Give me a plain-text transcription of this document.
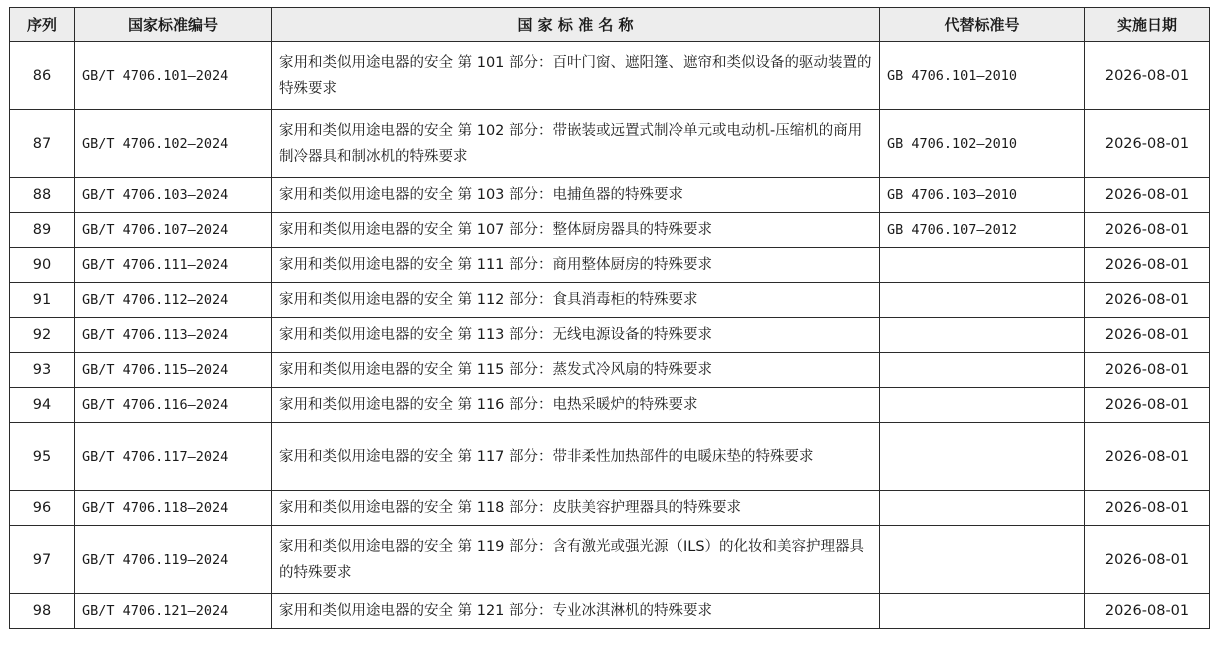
序列	国家标准编号	国 家 标 准 名 称	代替标准号	实施日期
86	GB/T 4706.101—2024	家用和类似用途电器的安全 第 101 部分：百叶门窗、遮阳篷、遮帘和类似设备的驱动装置的特殊要求	GB 4706.101—2010	2026-08-01
87	GB/T 4706.102—2024	家用和类似用途电器的安全 第 102 部分：带嵌装或远置式制冷单元或电动机-压缩机的商用制冷器具和制冰机的特殊要求	GB 4706.102—2010	2026-08-01
88	GB/T 4706.103—2024	家用和类似用途电器的安全 第 103 部分：电捕鱼器的特殊要求	GB 4706.103—2010	2026-08-01
89	GB/T 4706.107—2024	家用和类似用途电器的安全 第 107 部分：整体厨房器具的特殊要求	GB 4706.107—2012	2026-08-01
90	GB/T 4706.111—2024	家用和类似用途电器的安全 第 111 部分：商用整体厨房的特殊要求		2026-08-01
91	GB/T 4706.112—2024	家用和类似用途电器的安全 第 112 部分：食具消毒柜的特殊要求		2026-08-01
92	GB/T 4706.113—2024	家用和类似用途电器的安全 第 113 部分：无线电源设备的特殊要求		2026-08-01
93	GB/T 4706.115—2024	家用和类似用途电器的安全 第 115 部分：蒸发式冷风扇的特殊要求		2026-08-01
94	GB/T 4706.116—2024	家用和类似用途电器的安全 第 116 部分：电热采暖炉的特殊要求		2026-08-01
95	GB/T 4706.117—2024	家用和类似用途电器的安全 第 117 部分：带非柔性加热部件的电暖床垫的特殊要求		2026-08-01
96	GB/T 4706.118—2024	家用和类似用途电器的安全 第 118 部分：皮肤美容护理器具的特殊要求		2026-08-01
97	GB/T 4706.119—2024	家用和类似用途电器的安全 第 119 部分：含有激光或强光源（ILS）的化妆和美容护理器具的特殊要求		2026-08-01
98	GB/T 4706.121—2024	家用和类似用途电器的安全 第 121 部分：专业冰淇淋机的特殊要求		2026-08-01
